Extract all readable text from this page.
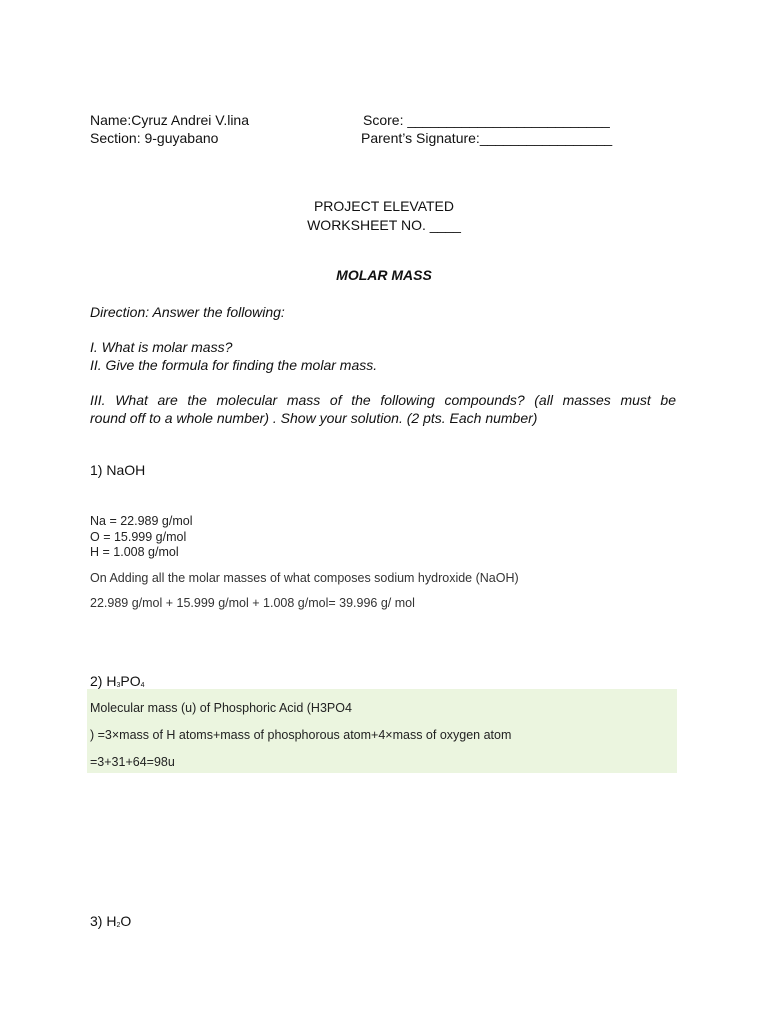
Name:Cyruz Andrei V.lina
Section: 9-guyabano
Score: __________________________
Parent’s Signature:_________________
PROJECT ELEVATED
WORKSHEET NO. ____
MOLAR MASS
Direction: Answer the following:
I. What is molar mass?
II. Give the formula for finding the molar mass.
III. What are the molecular mass of the following compounds? (all masses must be
round off to a whole number) . Show your solution. (2 pts. Each number)
1) NaOH
Na = 22.989 g/mol
O = 15.999 g/mol
H = 1.008 g/mol
On Adding all the molar masses of what composes sodium hydroxide (NaOH)
22.989 g/mol + 15.999 g/mol + 1.008 g/mol= 39.996 g/ mol
2) $H_3PO_4$
Molecular mass (u) of Phosphoric Acid (H3PO4
) =3×mass of H atoms+mass of phosphorous atom+4×mass of oxygen atom
=3+31+64=98u
3) $H_2O$
